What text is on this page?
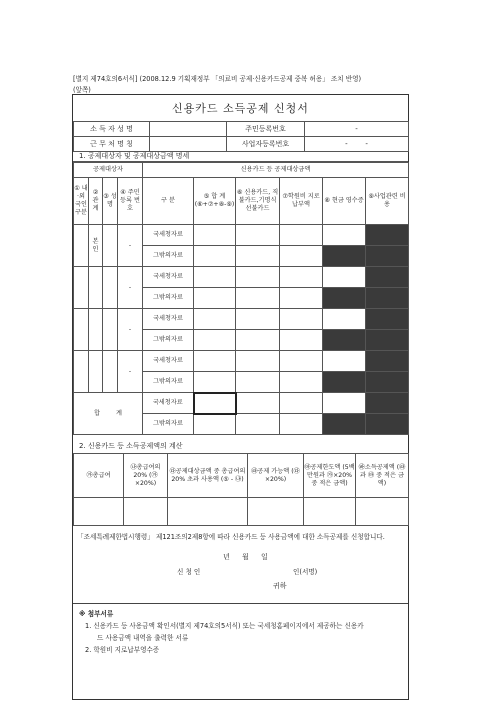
[별지 제74호의6서식] (2008.12.9 기획재정부 「의료비 공제·신용카드공제 중복 허용」 조치 반영)
(앞쪽)
신용카드 소득공제 신청서
소 득 자 성 명		주민등록번호	-
근 무 처 명 칭		사업자등록번호	-        -
1. 공제대상자 및 공제대상금액 명세
공제대상자				신용카드 등 공제대상금액					
① 내·외 국인 구분	② 관 계	③ 성명	④ 주민등록 번호	구 분	⑤ 합 계 (⑥+⑦+⑧-⑨)	⑥ 신용카드, 직불카드,기명식 선불카드	⑦학원비 지로납부액	⑧ 현금 영수증	⑨사업관련 비용
	본 인		-	국세청자료					
				그밖의자료					
			-	국세청자료					
				그밖의자료					
			-	국세청자료					
				그밖의자료					
			-	국세청자료					
				그밖의자료					
합 계				국세청자료					
				그밖의자료					
2. 신용카드 등 소득공제액의 계산
㉮총급여	㉯총급여의 20% (㉮×20%)	㉰공제대상금액 중 총급여의 20% 초과 사용액 (⑤ - ㉯)	㉱공제 가능액 (㉰×20%)	㉲공제한도액 (5백만원과 ㉮×20% 중 적은 금액)	㉳소득공제액 (㉱과 ㉲ 중 적은 금액)

「조세특례제한법시행령」 제121조의2제8항에 따라 신용카드 등 사용금액에 대한 소득공제를 신청합니다.
년 월 일
신 청 인	인(서명)
귀하
※ 첨부서류
1. 신용카드 등 사용금액 확인서(별지 제74호의5서식) 또는 국세청홈페이지에서 제공하는 신용카
드 사용금액 내역을 출력한 서류
2. 학원비 지로납부영수증
